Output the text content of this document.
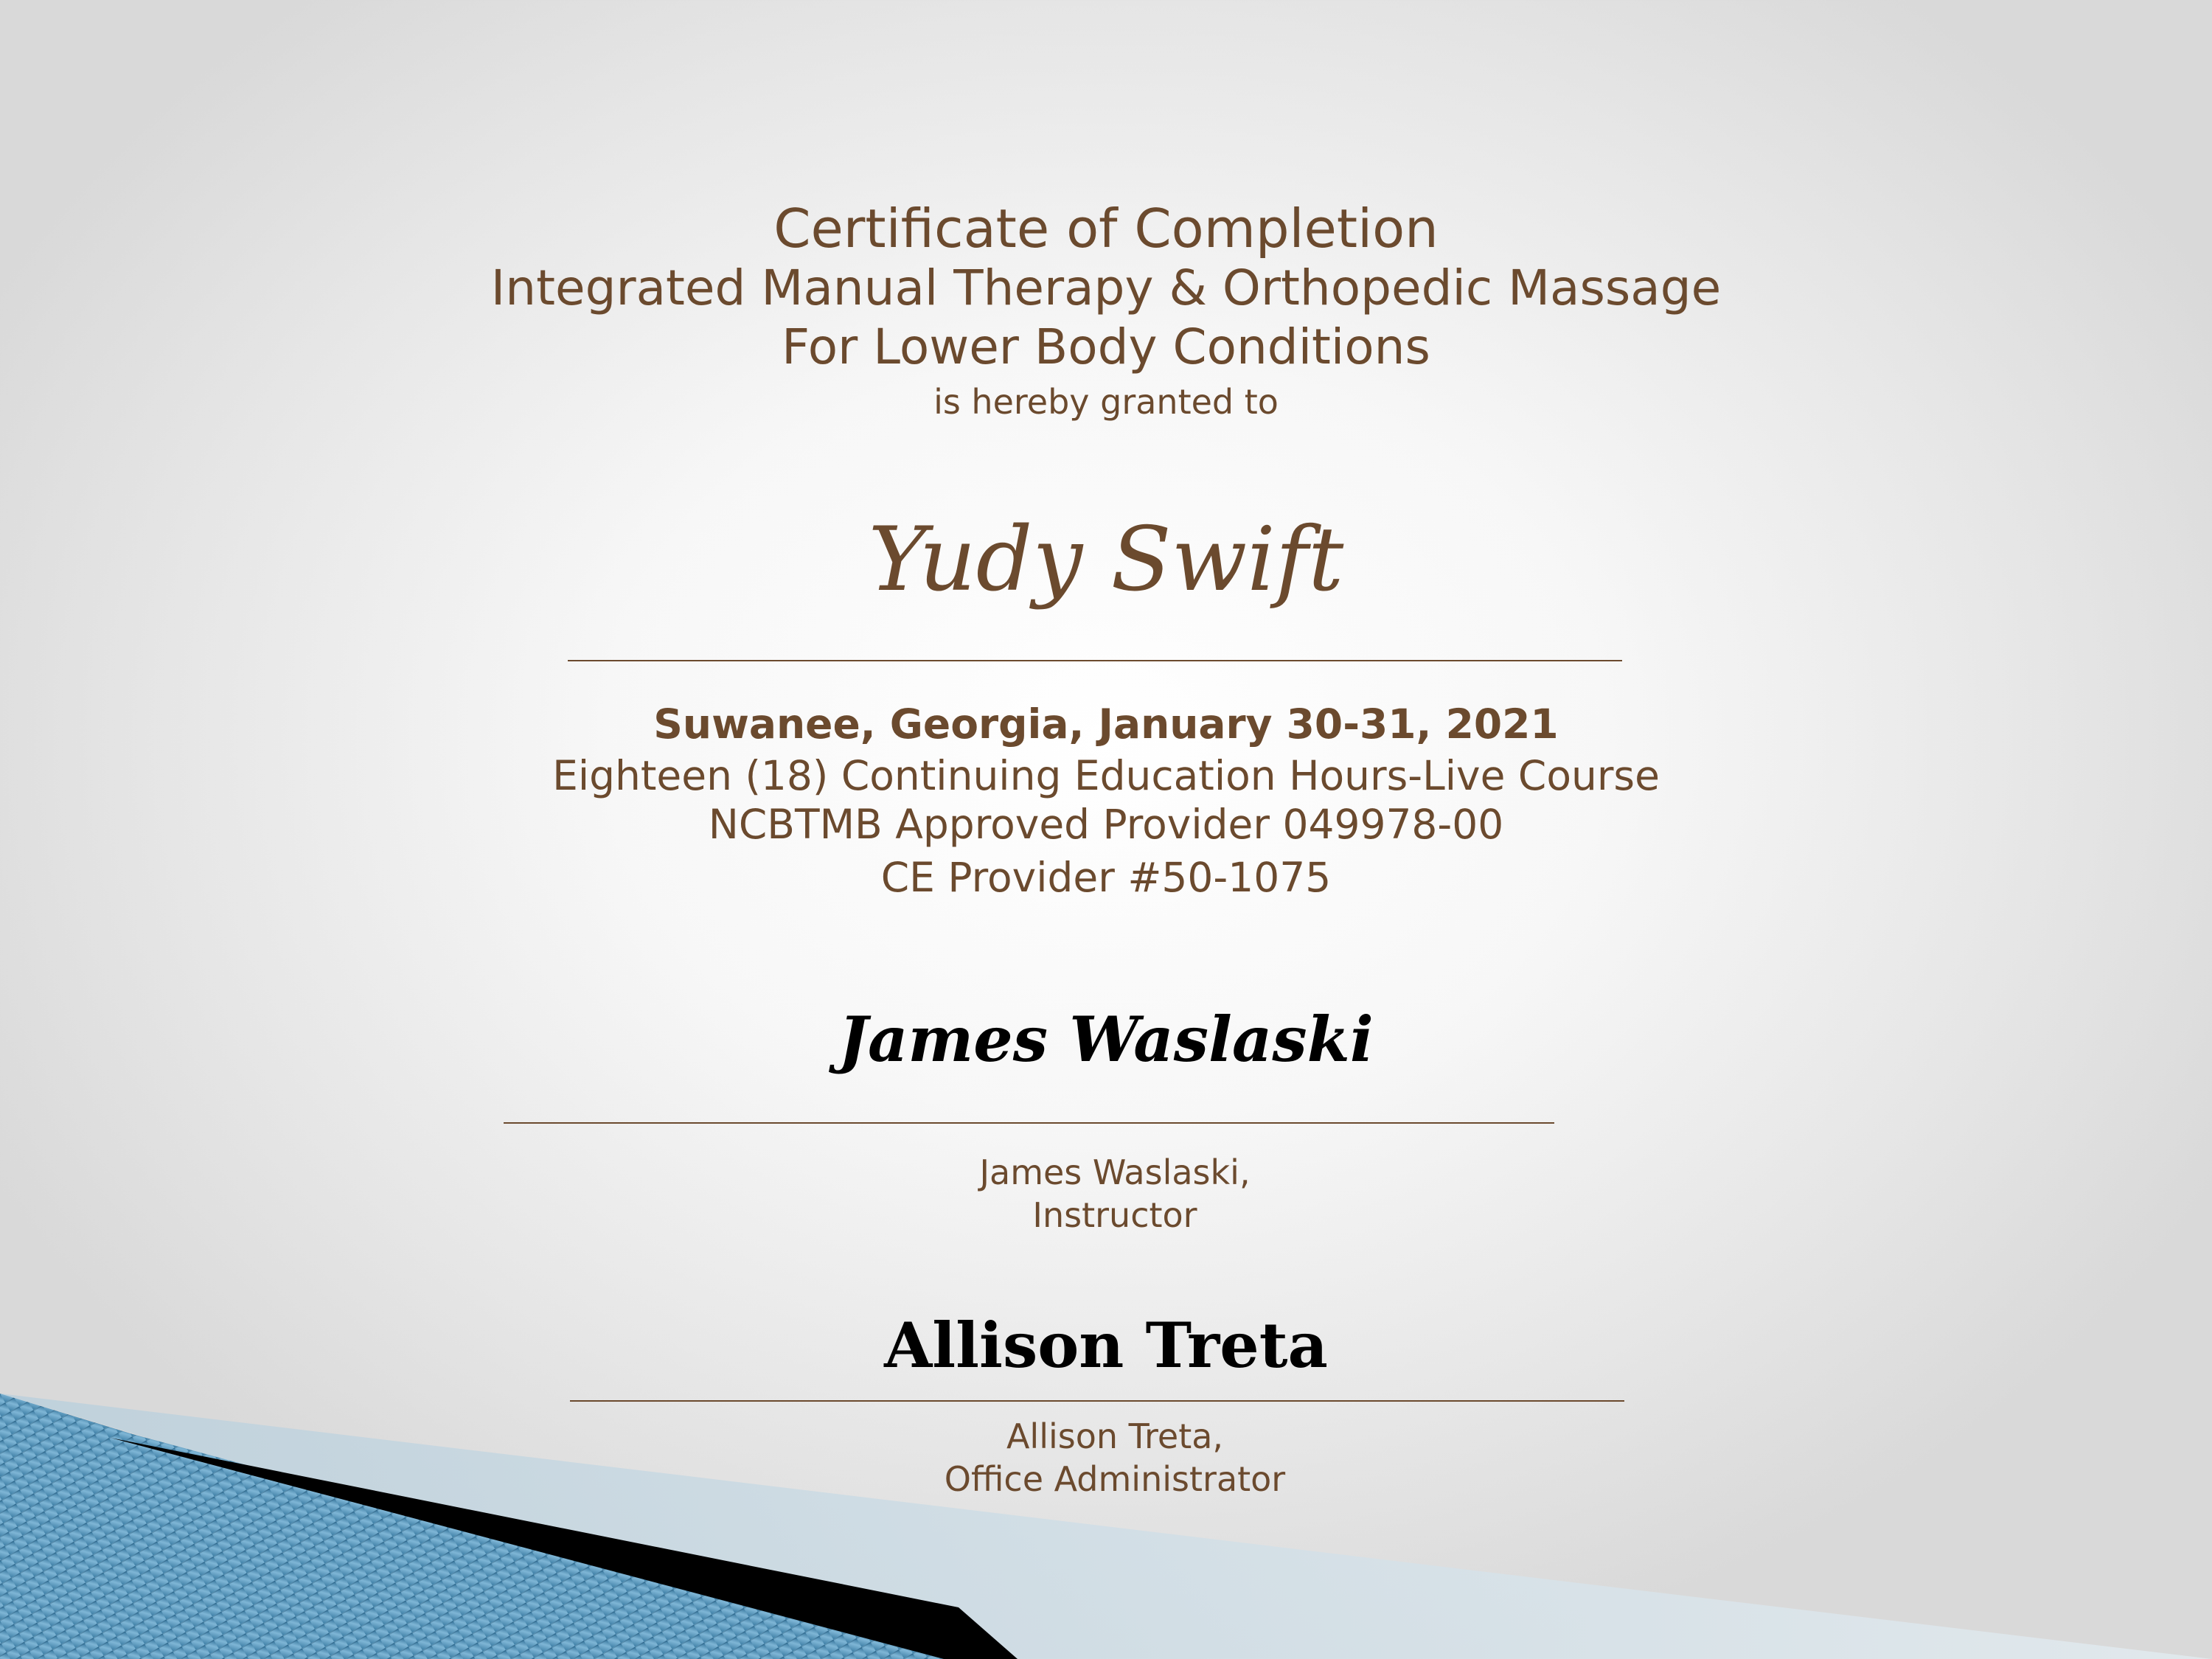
Certificate of Completion
Integrated Manual Therapy & Orthopedic Massage
For Lower Body Conditions
is hereby granted to
Yudy Swift
Suwanee, Georgia, January 30-31, 2021
Eighteen (18) Continuing Education Hours-Live Course
NCBTMB Approved Provider 049978-00
CE Provider #50-1075
James Waslaski
James Waslaski,
Instructor
Allison Treta
Allison Treta,
Office Administrator
